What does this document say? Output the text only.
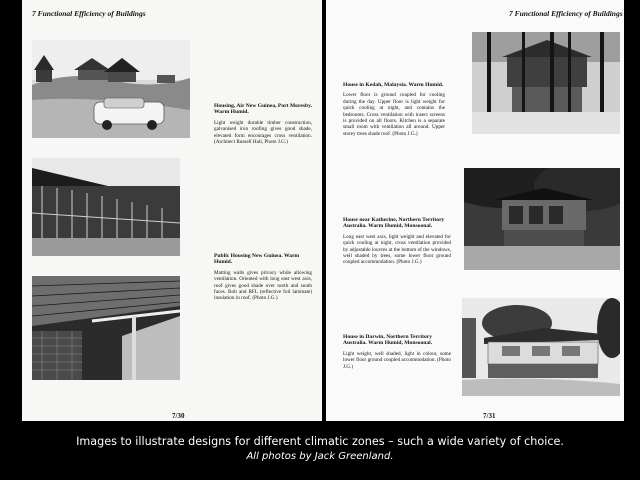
7 Functional Efficiency of Buildings
Housing, Air New Guinea, Port Moresby. Warm Humid.
Light weight durable timber construction, galvanised iron roofing gives good shade, elevated form encourages cross ventilation. (Architect Russell Hall, Photo J.G.)
Public Housing New Guinea. Warm Humid.
Matting walls gives privacy while allowing ventilation. Oriented with long east west axis, roof gives good shade over north and south faces. Bolt and RFL (reflective foil laminate) insulation in roof. (Photo J.G.)
7/30
7 Functional Efficiency of Buildings
House in Kedah, Malaysia. Warm Humid.
Lower floor is ground coupled for cooling during the day. Upper floor is light weight for quick cooling at night, and contains the bedrooms. Cross ventilation with insect screens is provided on all floors. Kitchen is a separate small room with ventilation all around. Upper storey trees shade roof. (Photo J.G.)
House near Katherine, Northern Territory Australia. Warm Humid, Monsoonal.
Long east west axis, light weight and elevated for quick cooling at night, cross ventilation provided by adjustable louvres at the bottom of the windows, well shaded by trees, some lower floor ground coupled accommodation. (Photo J.G.)
House in Darwin, Northern Territory Australia. Warm Humid, Monsoonal.
Light weight, well shaded, light in colour, some lower floor ground coupled accommodation. (Photo J.G.)
7/31
Images to illustrate designs for different climatic zones – such a wide variety of choice.
All photos by Jack Greenland.
